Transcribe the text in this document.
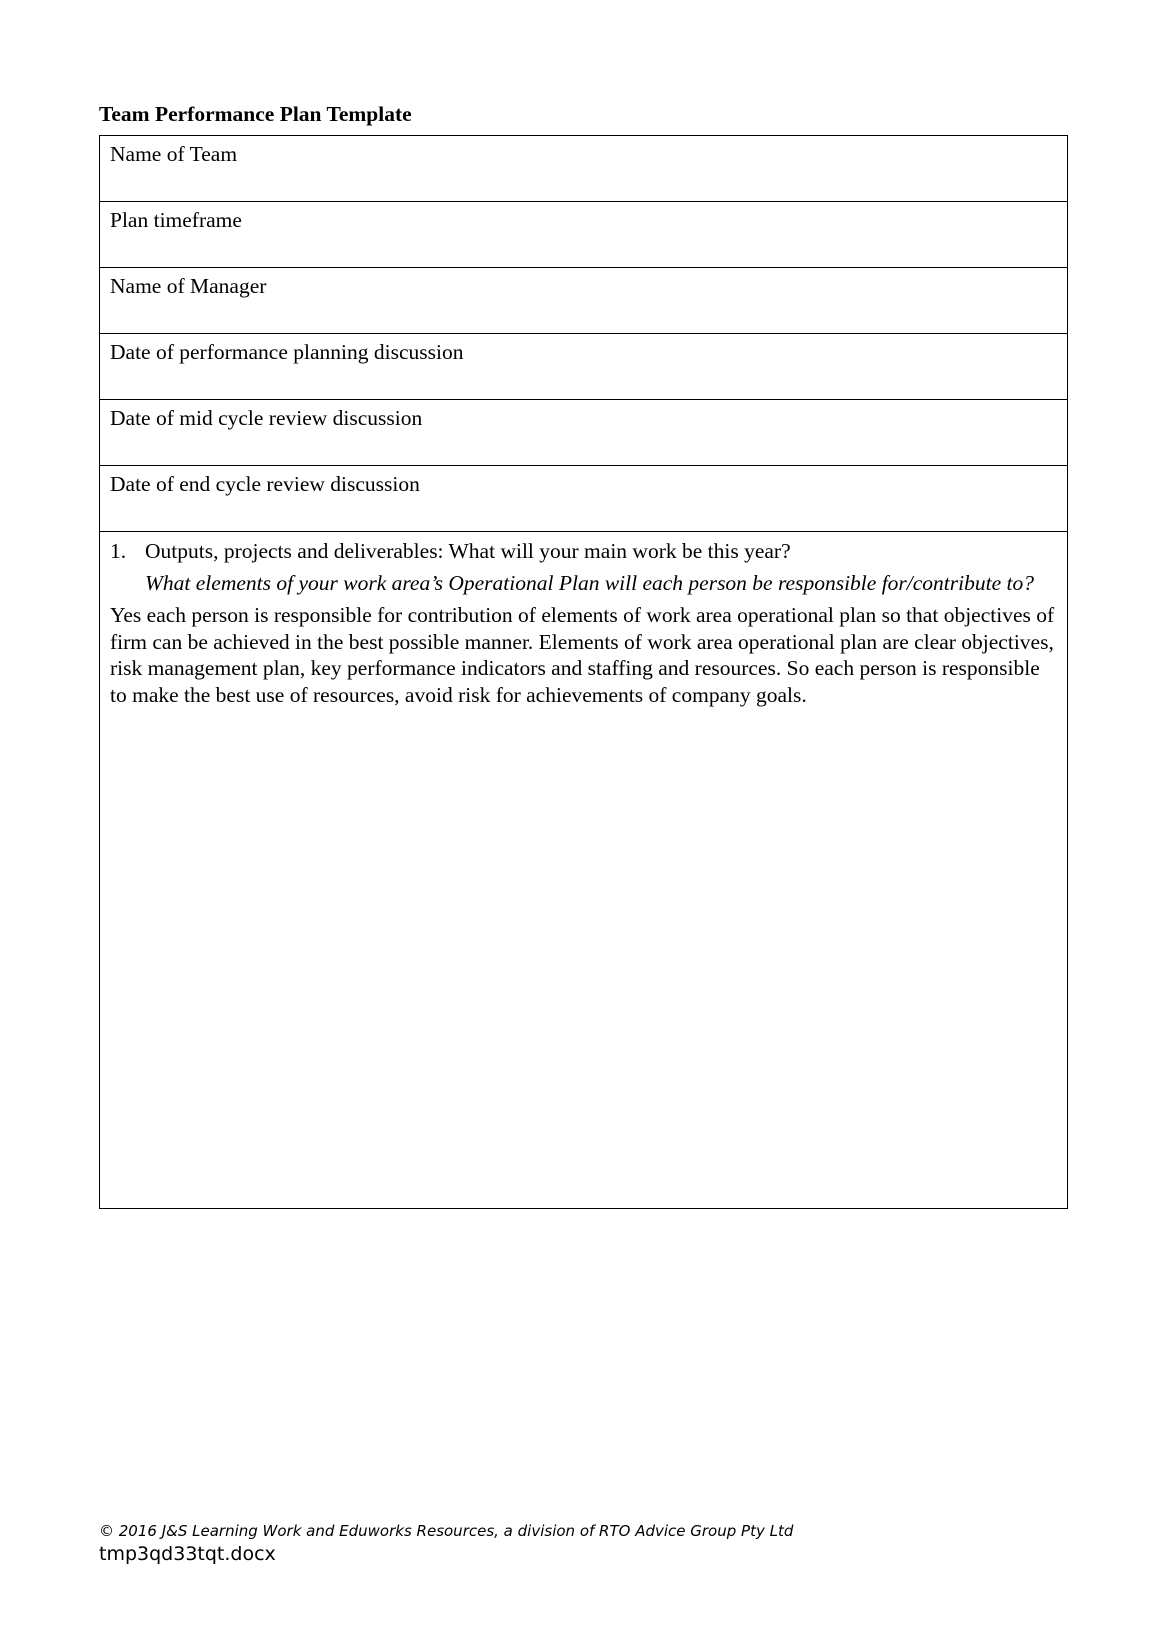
Team Performance Plan Template
Name of Team
Plan timeframe
Name of Manager
Date of performance planning discussion
Date of mid cycle review discussion
Date of end cycle review discussion

1. Outputs, projects and deliverables: What will your main work be this year?
What elements of your work area’s Operational Plan will each person be responsible for/contribute to?
Yes each person is responsible for contribution of elements of work area operational plan so that objectives of firm can be achieved in the best possible manner. Elements of work area operational plan are clear objectives, risk management plan, key performance indicators and staffing and resources. So each person is responsible to make the best use of resources, avoid risk for achievements of company goals.
© 2016 J&S Learning Work and Eduworks Resources, a division of RTO Advice Group Pty Ltd
tmp3qd33tqt.docx
